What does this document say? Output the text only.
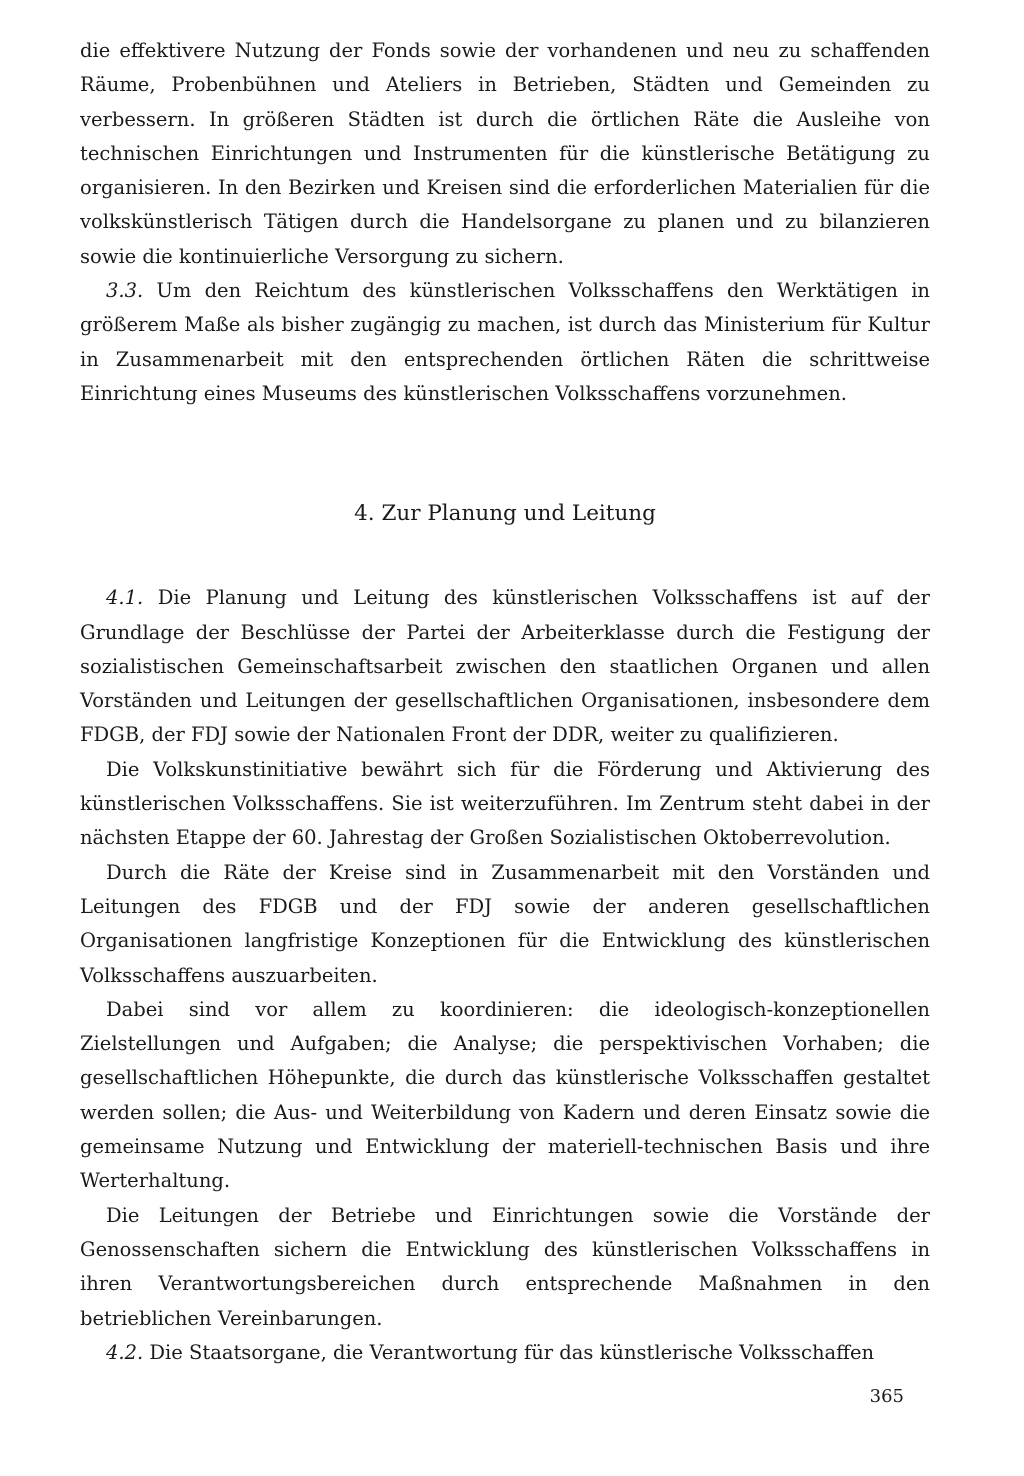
die effektivere Nutzung der Fonds sowie der vorhandenen und neu zu schaffenden Räume, Probenbühnen und Ateliers in Betrieben, Städten und Gemeinden zu verbessern. In größeren Städten ist durch die örtlichen Räte die Ausleihe von technischen Einrichtungen und Instrumenten für die künstlerische Betätigung zu organisieren. In den Bezirken und Kreisen sind die erforderlichen Materialien für die volkskünstlerisch Tätigen durch die Handelsorgane zu planen und zu bilanzieren sowie die kontinuierliche Versorgung zu sichern.

3.3. Um den Reichtum des künstlerischen Volksschaffens den Werktätigen in größerem Maße als bisher zugängig zu machen, ist durch das Ministerium für Kultur in Zusammenarbeit mit den entsprechenden örtlichen Räten die schrittweise Einrichtung eines Museums des künstlerischen Volksschaffens vorzunehmen.

4. Zur Planung und Leitung

4.1. Die Planung und Leitung des künstlerischen Volksschaffens ist auf der Grundlage der Beschlüsse der Partei der Arbeiterklasse durch die Festigung der sozialistischen Gemeinschaftsarbeit zwischen den staatlichen Organen und allen Vorständen und Leitungen der gesellschaftlichen Organisationen, insbesondere dem FDGB, der FDJ sowie der Nationalen Front der DDR, weiter zu qualifizieren.

Die Volkskunstinitiative bewährt sich für die Förderung und Aktivierung des künstlerischen Volksschaffens. Sie ist weiterzuführen. Im Zentrum steht dabei in der nächsten Etappe der 60. Jahrestag der Großen Sozialistischen Oktoberrevolution.

Durch die Räte der Kreise sind in Zusammenarbeit mit den Vorständen und Leitungen des FDGB und der FDJ sowie der anderen gesellschaftlichen Organisationen langfristige Konzeptionen für die Entwicklung des künstlerischen Volksschaffens auszuarbeiten.

Dabei sind vor allem zu koordinieren: die ideologisch-konzeptionellen Zielstellungen und Aufgaben; die Analyse; die perspektivischen Vorhaben; die gesellschaftlichen Höhepunkte, die durch das künstlerische Volksschaffen gestaltet werden sollen; die Aus- und Weiterbildung von Kadern und deren Einsatz sowie die gemeinsame Nutzung und Entwicklung der materiell-technischen Basis und ihre Werterhaltung.

Die Leitungen der Betriebe und Einrichtungen sowie die Vorstände der Genossenschaften sichern die Entwicklung des künstlerischen Volksschaffens in ihren Verantwortungsbereichen durch entsprechende Maßnahmen in den betrieblichen Vereinbarungen.

4.2. Die Staatsorgane, die Verantwortung für das künstlerische Volksschaffen

365
